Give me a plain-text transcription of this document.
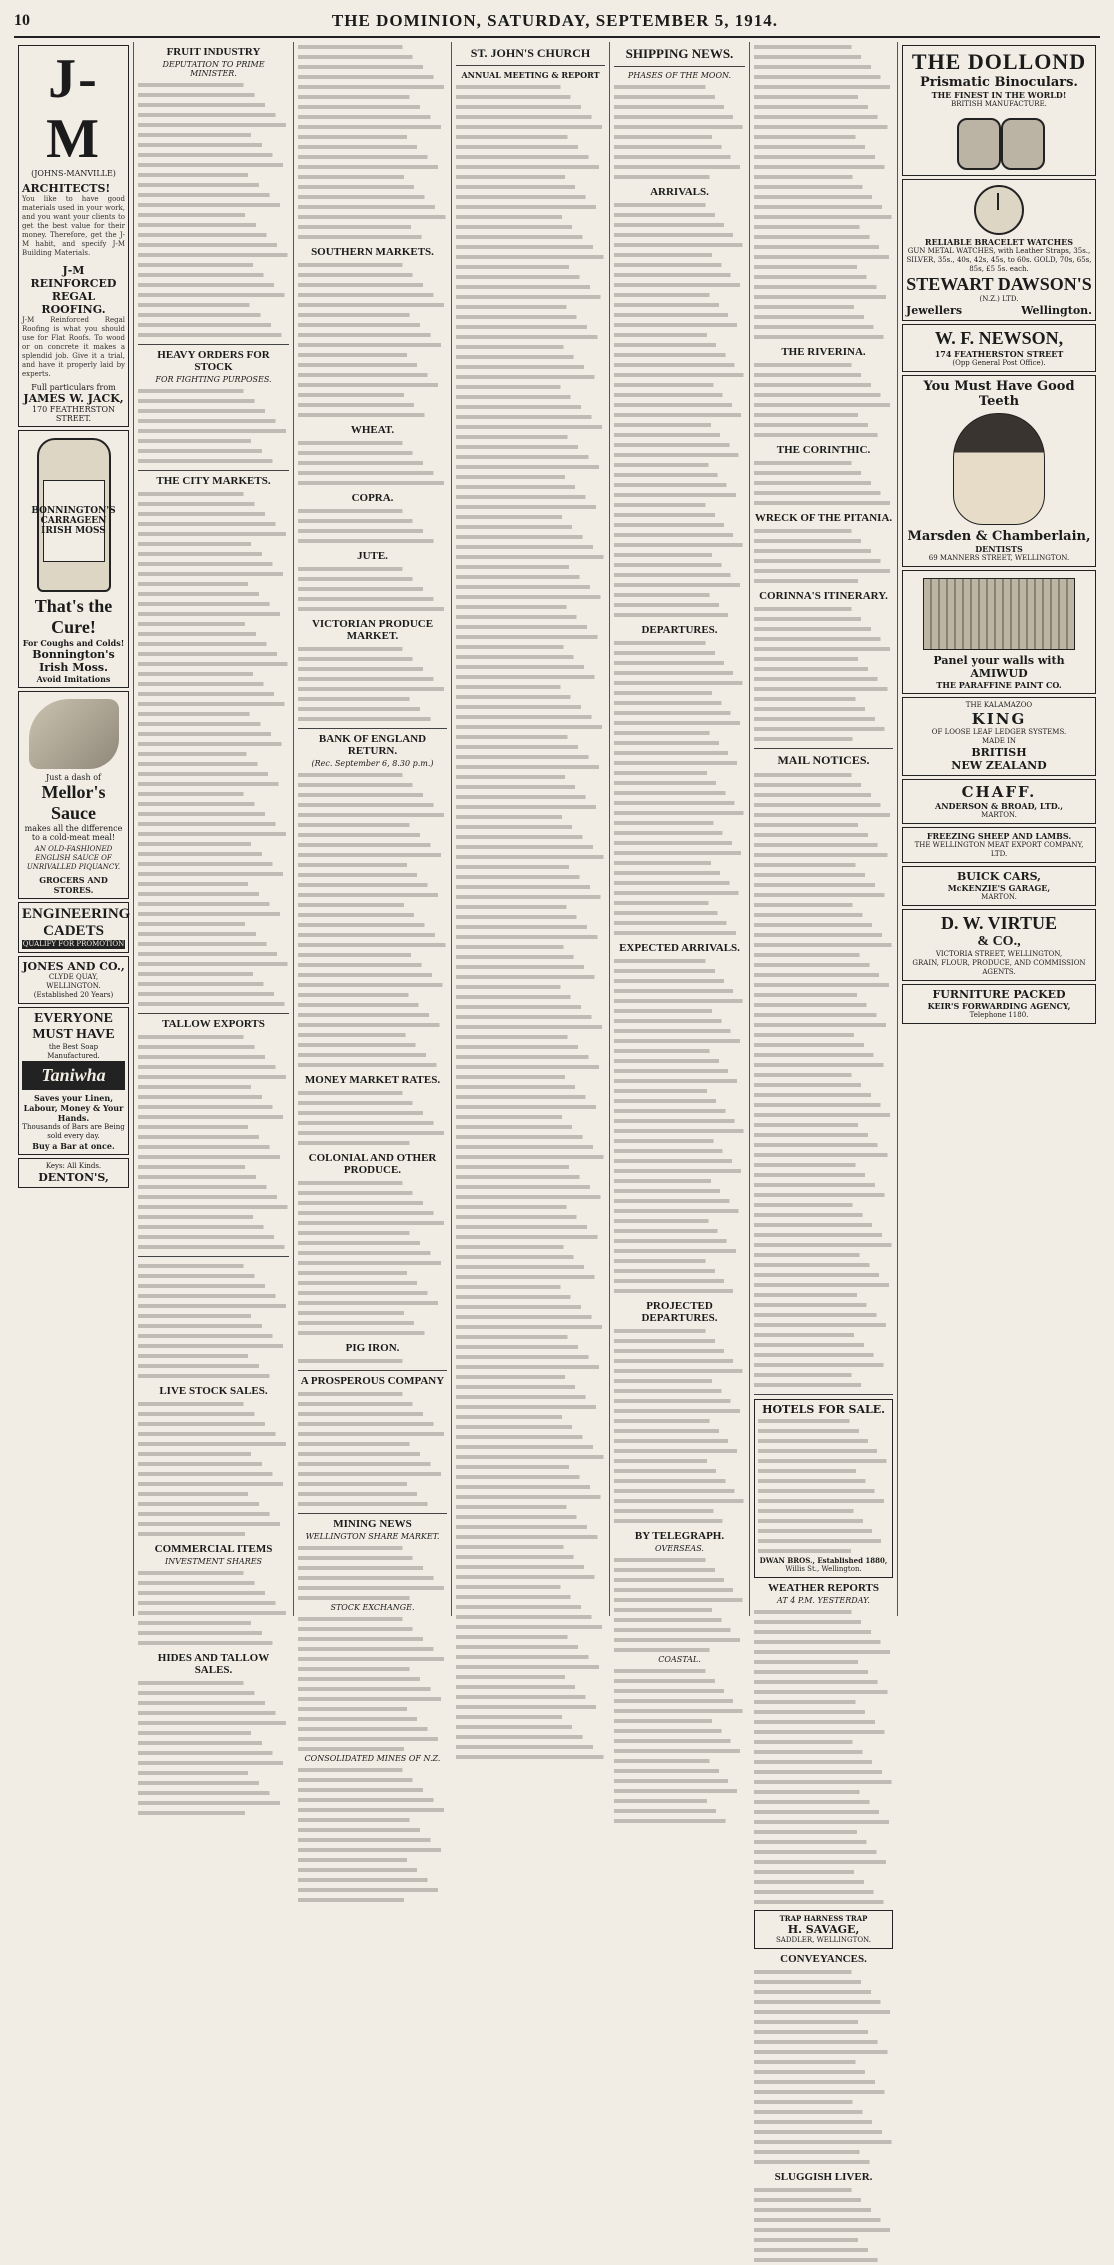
10	THE DOMINION, SATURDAY, SEPTEMBER 5, 1914.
J-M
(JOHNS-MANVILLE)
ARCHITECTS!

You like to have good materials used in your work, and you want your clients to get the best value for their money. Therefore, get the J-M habit, and specify J-M Building Materials.

J-M REINFORCED REGAL ROOFING.

J-M Reinforced Regal Roofing is what you should use for Flat Roofs. To wood or on concrete it makes a splendid job. Give it a trial, and have it properly laid by experts.

Full particulars from
JAMES W. JACK,
170 FEATHERSTON STREET.
BONNINGTON'S CARRAGEEN IRISH MOSS
That's the Cure!
For Coughs and Colds!
Bonnington's
Irish Moss.
Avoid Imitations
Just a dash of
Mellor's Sauce
makes all the difference to a cold-meat meal!
AN OLD-FASHIONED ENGLISH SAUCE OF UNRIVALLED PIQUANCY.
GROCERS AND STORES.
ENGINEERING
CADETS
QUALIFY FOR PROMOTION
JONES AND CO.,
CLYDE QUAY, WELLINGTON.
(Established 20 Years)
EVERYONE MUST HAVE
the Best Soap Manufactured.
Taniwha
Saves your Linen, Labour, Money & Your Hands.
Thousands of Bars are Being sold every day.
Buy a Bar at once.
Keys: All Kinds.
DENTON'S,
FRUIT INDUSTRY
DEPUTATION TO PRIME MINISTER.
HEAVY ORDERS FOR STOCK
FOR FIGHTING PURPOSES.
THE CITY MARKETS.
TALLOW EXPORTS
LIVE STOCK SALES.
COMMERCIAL ITEMS
INVESTMENT SHARES
HIDES AND TALLOW SALES.
SOUTHERN MARKETS.
WHEAT.
COPRA.
JUTE.
VICTORIAN PRODUCE MARKET.
BANK OF ENGLAND RETURN.
(Rec. September 6, 8.30 p.m.)
MONEY MARKET RATES.
COLONIAL AND OTHER PRODUCE.
PIG IRON.
A PROSPEROUS COMPANY
MINING NEWS
WELLINGTON SHARE MARKET.
STOCK EXCHANGE.
CONSOLIDATED MINES OF N.Z.
ST. JOHN'S CHURCH
ANNUAL MEETING & REPORT
SHIPPING NEWS.
PHASES OF THE MOON.
ARRIVALS.
DEPARTURES.
EXPECTED ARRIVALS.
PROJECTED DEPARTURES.
BY TELEGRAPH.
OVERSEAS.
COASTAL.
THE RIVERINA.
THE CORINTHIC.
WRECK OF THE PITANIA.
CORINNA'S ITINERARY.
MAIL NOTICES.
HOTELS FOR SALE.
DWAN BROS., Established 1880,
Willis St., Wellington.
WEATHER REPORTS
AT 4 P.M. YESTERDAY.
TRAP HARNESS TRAP
H. SAVAGE,
SADDLER, WELLINGTON.
CONVEYANCES.
SLUGGISH LIVER.
THE DOLLOND
Prismatic Binoculars.
THE FINEST IN THE WORLD!
BRITISH MANUFACTURE.
RELIABLE BRACELET WATCHES
GUN METAL WATCHES, with Leather Straps, 35s., SILVER, 35s., 40s, 42s, 45s, to 60s. GOLD, 70s, 65s, 85s, £5 5s. each.
STEWART DAWSON'S
(N.Z.) LTD.
Jewellers	Wellington.
W. F. NEWSON,
174 FEATHERSTON STREET
(Opp General Post Office).
You Must Have Good Teeth
Marsden & Chamberlain,
DENTISTS
69 MANNERS STREET, WELLINGTON.
Panel your walls with AMIWUD
THE PARAFFINE PAINT CO.
THE KALAMAZOO
KING
OF LOOSE LEAF LEDGER SYSTEMS.
MADE IN
BRITISH
NEW ZEALAND
CHAFF.
ANDERSON & BROAD, LTD.,
MARTON.
FREEZING SHEEP AND LAMBS.
THE WELLINGTON MEAT EXPORT COMPANY, LTD.
BUICK CARS,
McKENZIE'S GARAGE,
MARTON.
D. W. VIRTUE
& CO.,
VICTORIA STREET, WELLINGTON,
GRAIN, FLOUR, PRODUCE, AND COMMISSION AGENTS.
FURNITURE PACKED
KEIR'S FORWARDING AGENCY,
Telephone 1180.
